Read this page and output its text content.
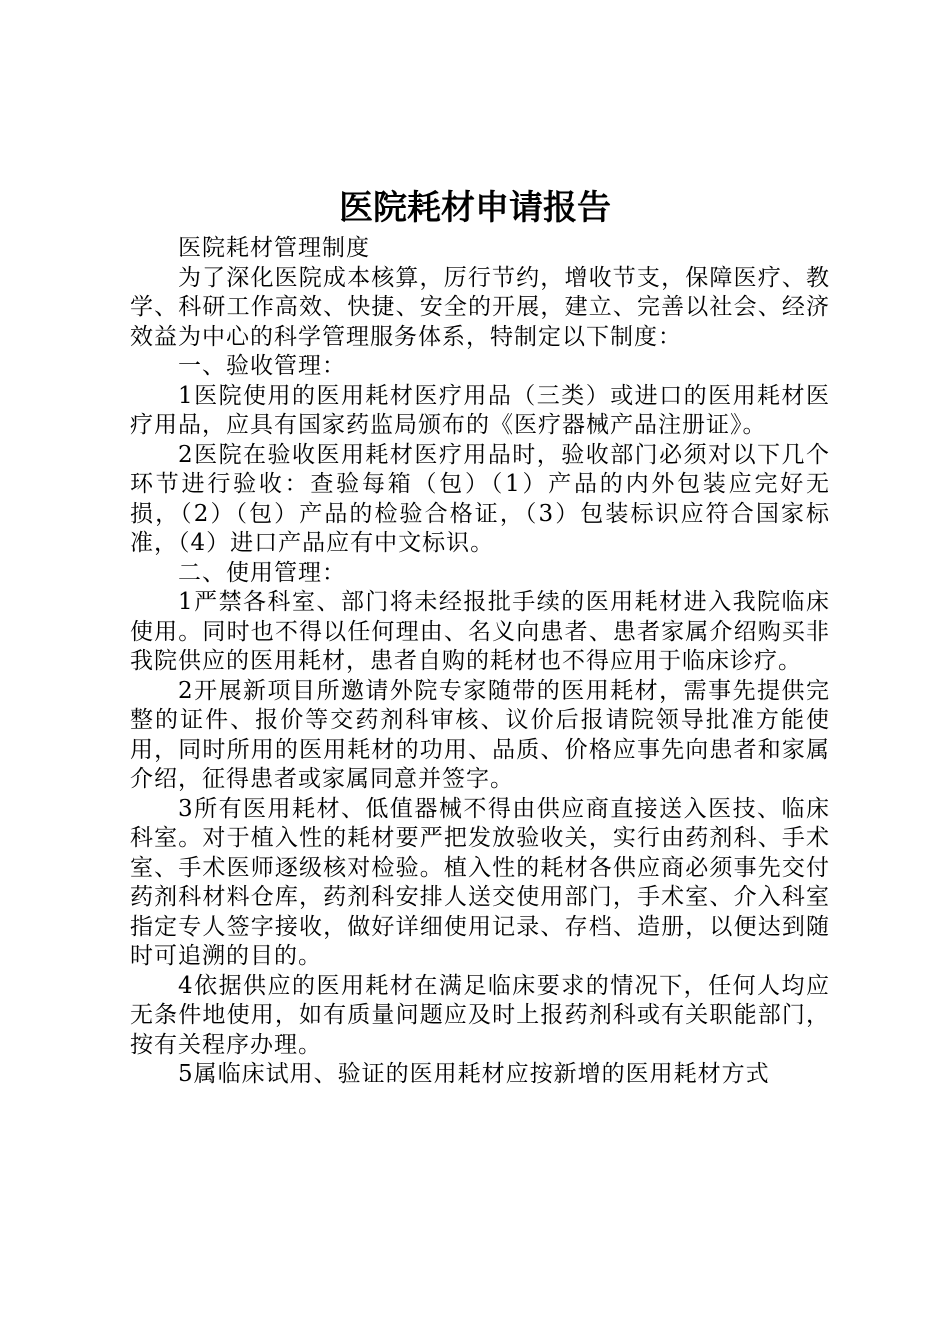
医院耗材申请报告

医院耗材管理制度

为了深化医院成本核算，厉行节约，增收节支，保障医疗、教学、科研工作高效、快捷、安全的开展，建立、完善以社会、经济效益为中心的科学管理服务体系，特制定以下制度：

一、验收管理：

1医院使用的医用耗材医疗用品（三类）或进口的医用耗材医疗用品，应具有国家药监局颁布的《医疗器械产品注册证》。

2医院在验收医用耗材医疗用品时，验收部门必须对以下几个环节进行验收：查验每箱（包）（1）产品的内外包装应完好无损，（2）（包）产品的检验合格证，（3）包装标识应符合国家标准，（4）进口产品应有中文标识。

二、使用管理：

1严禁各科室、部门将未经报批手续的医用耗材进入我院临床使用。同时也不得以任何理由、名义向患者、患者家属介绍购买非我院供应的医用耗材，患者自购的耗材也不得应用于临床诊疗。

2开展新项目所邀请外院专家随带的医用耗材，需事先提供完整的证件、报价等交药剂科审核、议价后报请院领导批准方能使用，同时所用的医用耗材的功用、品质、价格应事先向患者和家属介绍，征得患者或家属同意并签字。

3所有医用耗材、低值器械不得由供应商直接送入医技、临床科室。对于植入性的耗材要严把发放验收关，实行由药剂科、手术室、手术医师逐级核对检验。植入性的耗材各供应商必须事先交付药剂科材料仓库，药剂科安排人送交使用部门，手术室、介入科室指定专人签字接收，做好详细使用记录、存档、造册，以便达到随时可追溯的目的。

4依据供应的医用耗材在满足临床要求的情况下，任何人均应无条件地使用，如有质量问题应及时上报药剂科或有关职能部门，按有关程序办理。

5属临床试用、验证的医用耗材应按新增的医用耗材方式
